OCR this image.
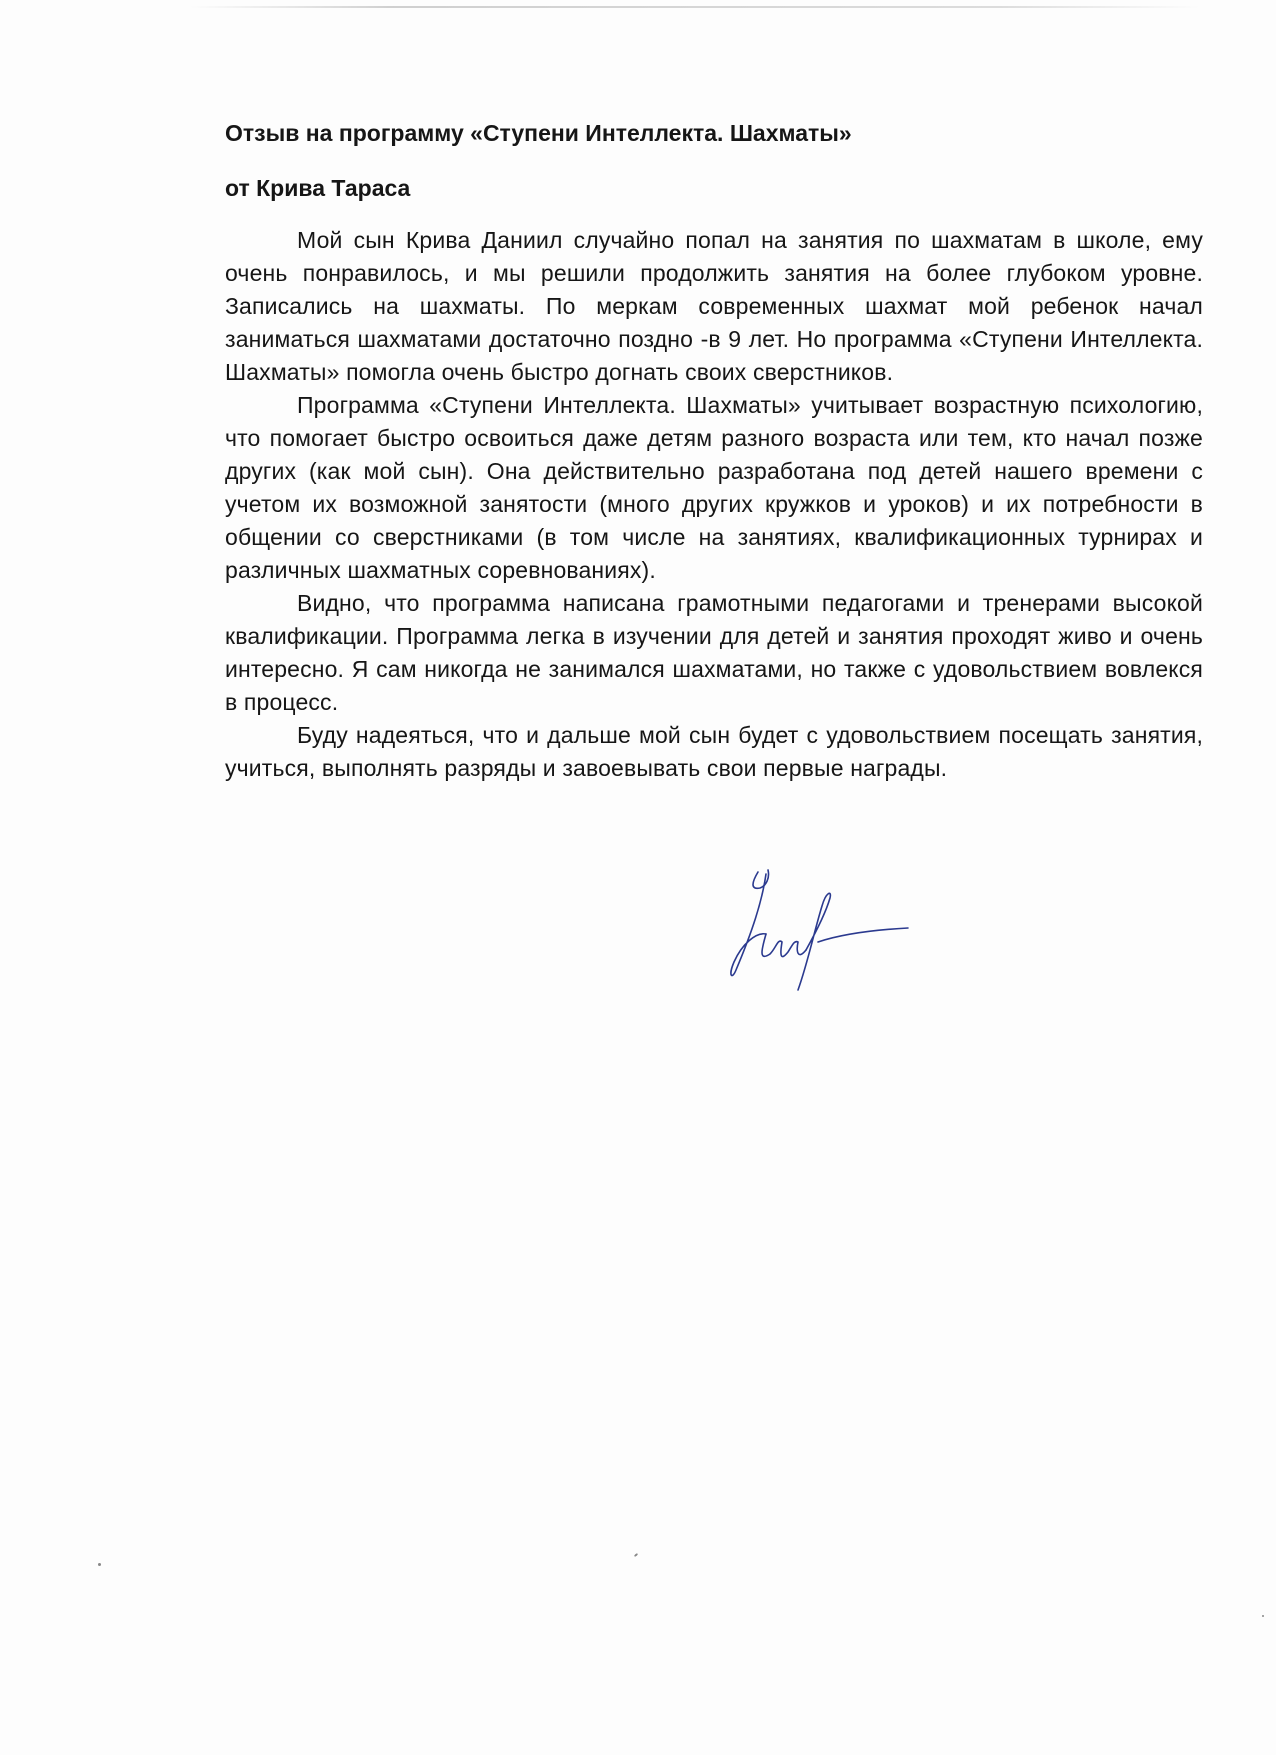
Отзыв на программу «Ступени Интеллекта. Шахматы»
от Крива Тараса

Мой сын Крива Даниил случайно попал на занятия по шахматам в школе, ему очень понравилось, и мы решили продолжить занятия на более глубоком уровне. Записались на шахматы. По меркам современных шахмат мой ребенок начал заниматься шахматами достаточно поздно -в 9 лет. Но программа «Ступени Интеллекта. Шахматы» помогла очень быстро догнать своих сверстников.

Программа «Ступени Интеллекта. Шахматы» учитывает возрастную психологию, что помогает быстро освоиться даже детям разного возраста или тем, кто начал позже других (как мой сын). Она действительно разработана под детей нашего времени с учетом их возможной занятости (много других кружков и уроков) и их потребности в общении со сверстниками (в том числе на занятиях, квалификационных турнирах и различных шахматных соревнованиях).

Видно, что программа написана грамотными педагогами и тренерами высокой квалификации. Программа легка в изучении для детей и занятия проходят живо и очень интересно. Я сам никогда не занимался шахматами, но также с удовольствием вовлекся в процесс.

Буду надеяться, что и дальше мой сын будет с удовольствием посещать занятия, учиться, выполнять разряды и завоевывать свои первые награды.
